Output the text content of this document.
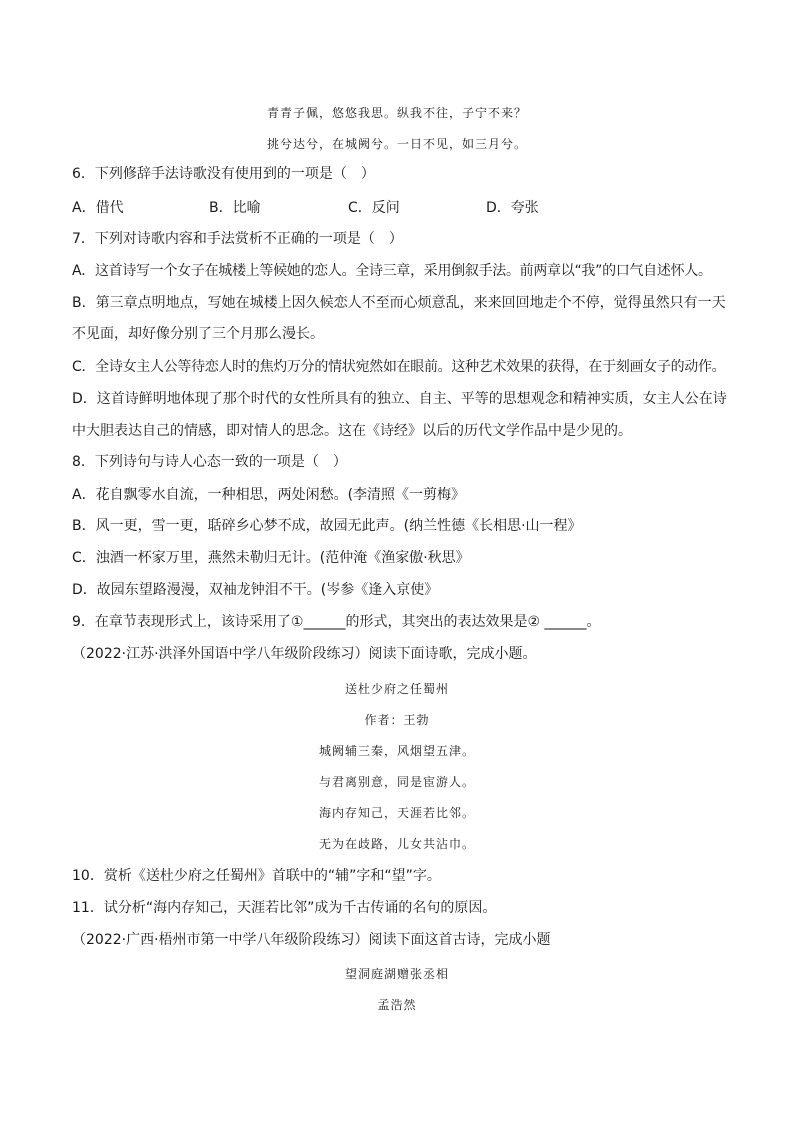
青青子佩，悠悠我思。纵我不往，子宁不来？
挑兮达兮，在城阙兮。一日不见，如三月兮。
6．下列修辞手法诗歌没有使用到的一项是（　）
A．借代	B．比喻	C．反问	D．夸张
7．下列对诗歌内容和手法赏析不正确的一项是（　）
A．这首诗写一个女子在城楼上等候她的恋人。全诗三章，采用倒叙手法。前两章以“我”的口气自述怀人。
B．第三章点明地点，写她在城楼上因久候恋人不至而心烦意乱，来来回回地走个不停，觉得虽然只有一天
不见面，却好像分别了三个月那么漫长。
C．全诗女主人公等待恋人时的焦灼万分的情状宛然如在眼前。这种艺术效果的获得，在于刻画女子的动作。
D．这首诗鲜明地体现了那个时代的女性所具有的独立、自主、平等的思想观念和精神实质，女主人公在诗
中大胆表达自己的情感，即对情人的思念。这在《诗经》以后的历代文学作品中是少见的。
8．下列诗句与诗人心态一致的一项是（　）
A．花自飘零水自流，一种相思，两处闲愁。(李清照《一剪梅》
B．风一更，雪一更，聒碎乡心梦不成，故园无此声。(纳兰性德《长相思·山一程》
C．浊酒一杯家万里，燕然未勒归无计。(范仲淹《渔家傲·秋思》
D．故园东望路漫漫，双袖龙钟泪不干。(岑参《逢入京使》
9．在章节表现形式上，该诗采用了①______的形式，其突出的表达效果是② ______。
（2022·江苏·洪泽外国语中学八年级阶段练习）阅读下面诗歌，完成小题。
送杜少府之任蜀州
作者：王勃
城阙辅三秦，风烟望五津。
与君离别意，同是宦游人。
海内存知己，天涯若比邻。
无为在歧路，儿女共沾巾。
10．赏析《送杜少府之任蜀州》首联中的“辅”字和“望”字。
11．试分析“海内存知己，天涯若比邻”成为千古传诵的名句的原因。
（2022·广西·梧州市第一中学八年级阶段练习）阅读下面这首古诗，完成小题
望洞庭湖赠张丞相
孟浩然
